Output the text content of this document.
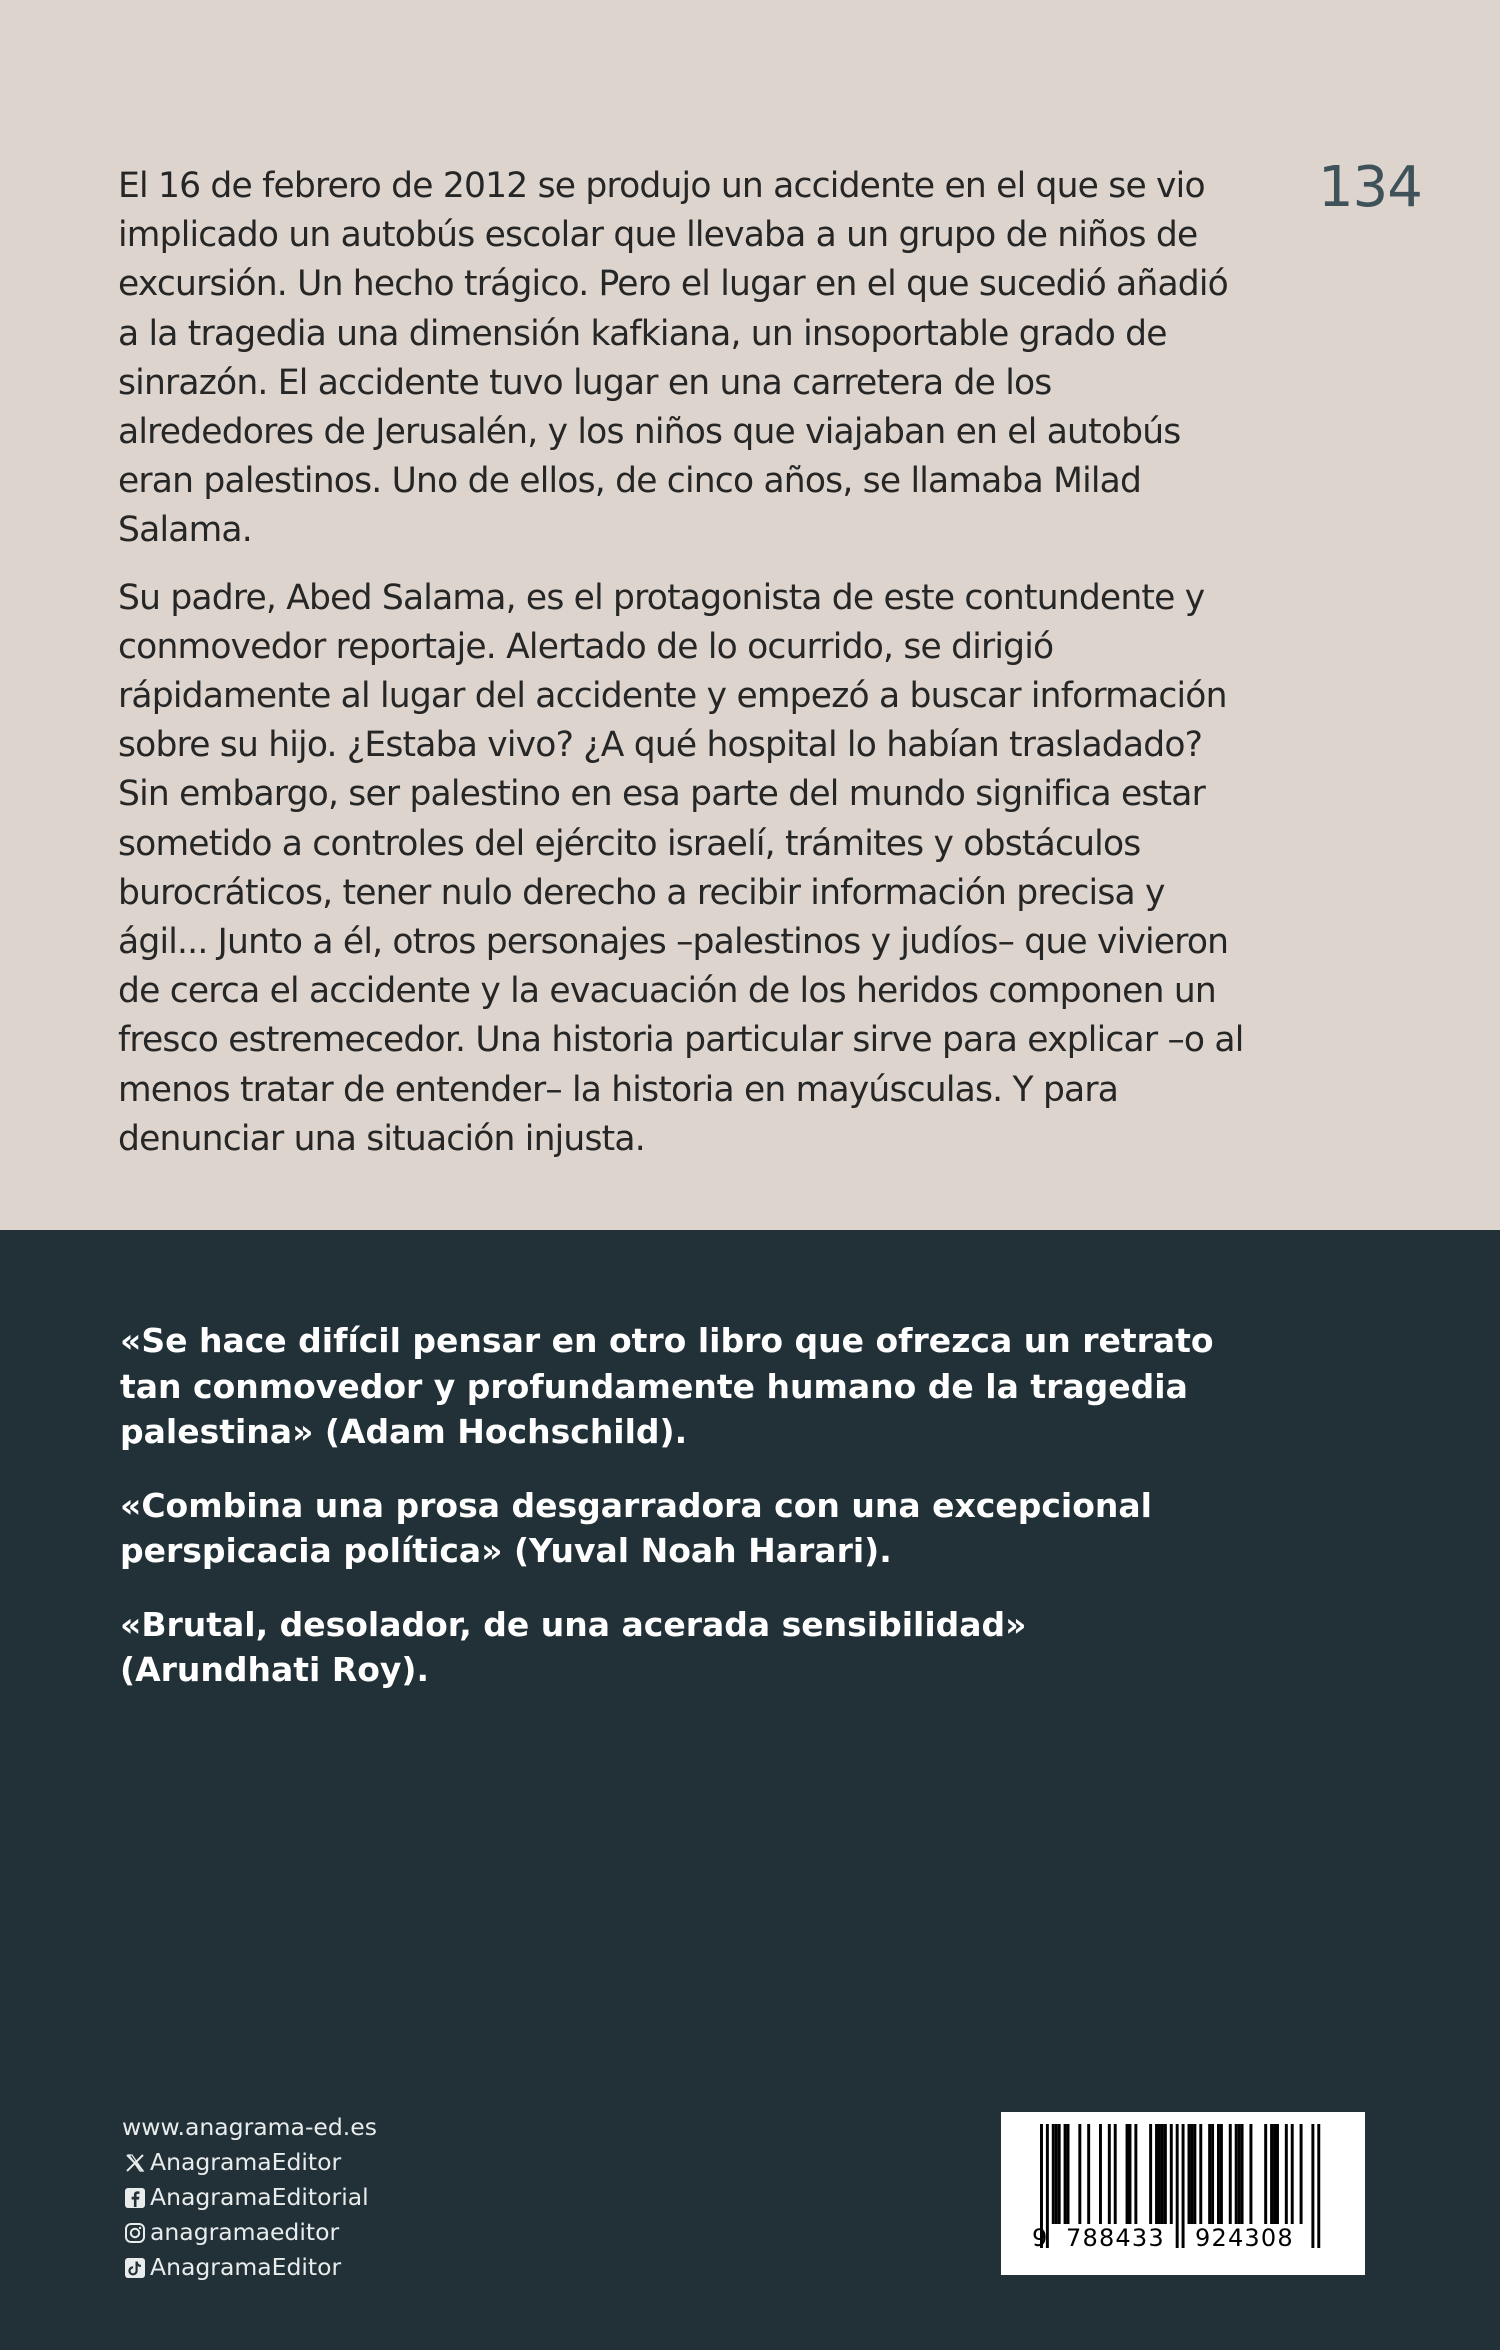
134

El 16 de febrero de 2012 se produjo un accidente en el que se vio implicado un autobús escolar que llevaba a un grupo de niños de excursión. Un hecho trágico. Pero el lugar en el que sucedió añadió a la tragedia una dimensión kafkiana, un insoportable grado de sinrazón. El accidente tuvo lugar en una carretera de los alrededores de Jerusalén, y los niños que viajaban en el autobús eran palestinos. Uno de ellos, de cinco años, se llamaba Milad Salama.

Su padre, Abed Salama, es el protagonista de este contundente y conmovedor reportaje. Alertado de lo ocurrido, se dirigió rápidamente al lugar del accidente y empezó a buscar información sobre su hijo. ¿Estaba vivo? ¿A qué hospital lo habían trasladado? Sin embargo, ser palestino en esa parte del mundo significa estar sometido a controles del ejército israelí, trámites y obstáculos burocráticos, tener nulo derecho a recibir información precisa y ágil... Junto a él, otros personajes –palestinos y judíos– que vivieron de cerca el accidente y la evacuación de los heridos componen un fresco estremecedor. Una historia particular sirve para explicar –o al menos tratar de entender– la historia en mayúsculas. Y para denunciar una situación injusta.

«Se hace difícil pensar en otro libro que ofrezca un retrato tan conmovedor y profundamente humano de la tragedia palestina» (Adam Hochschild).

«Combina una prosa desgarradora con una excepcional perspicacia política» (Yuval Noah Harari).

«Brutal, desolador, de una acerada sensibilidad» (Arundhati Roy).

www.anagrama-ed.es
AnagramaEditor
AnagramaEditorial
anagramaeditor
AnagramaEditor
9 788433 924308
